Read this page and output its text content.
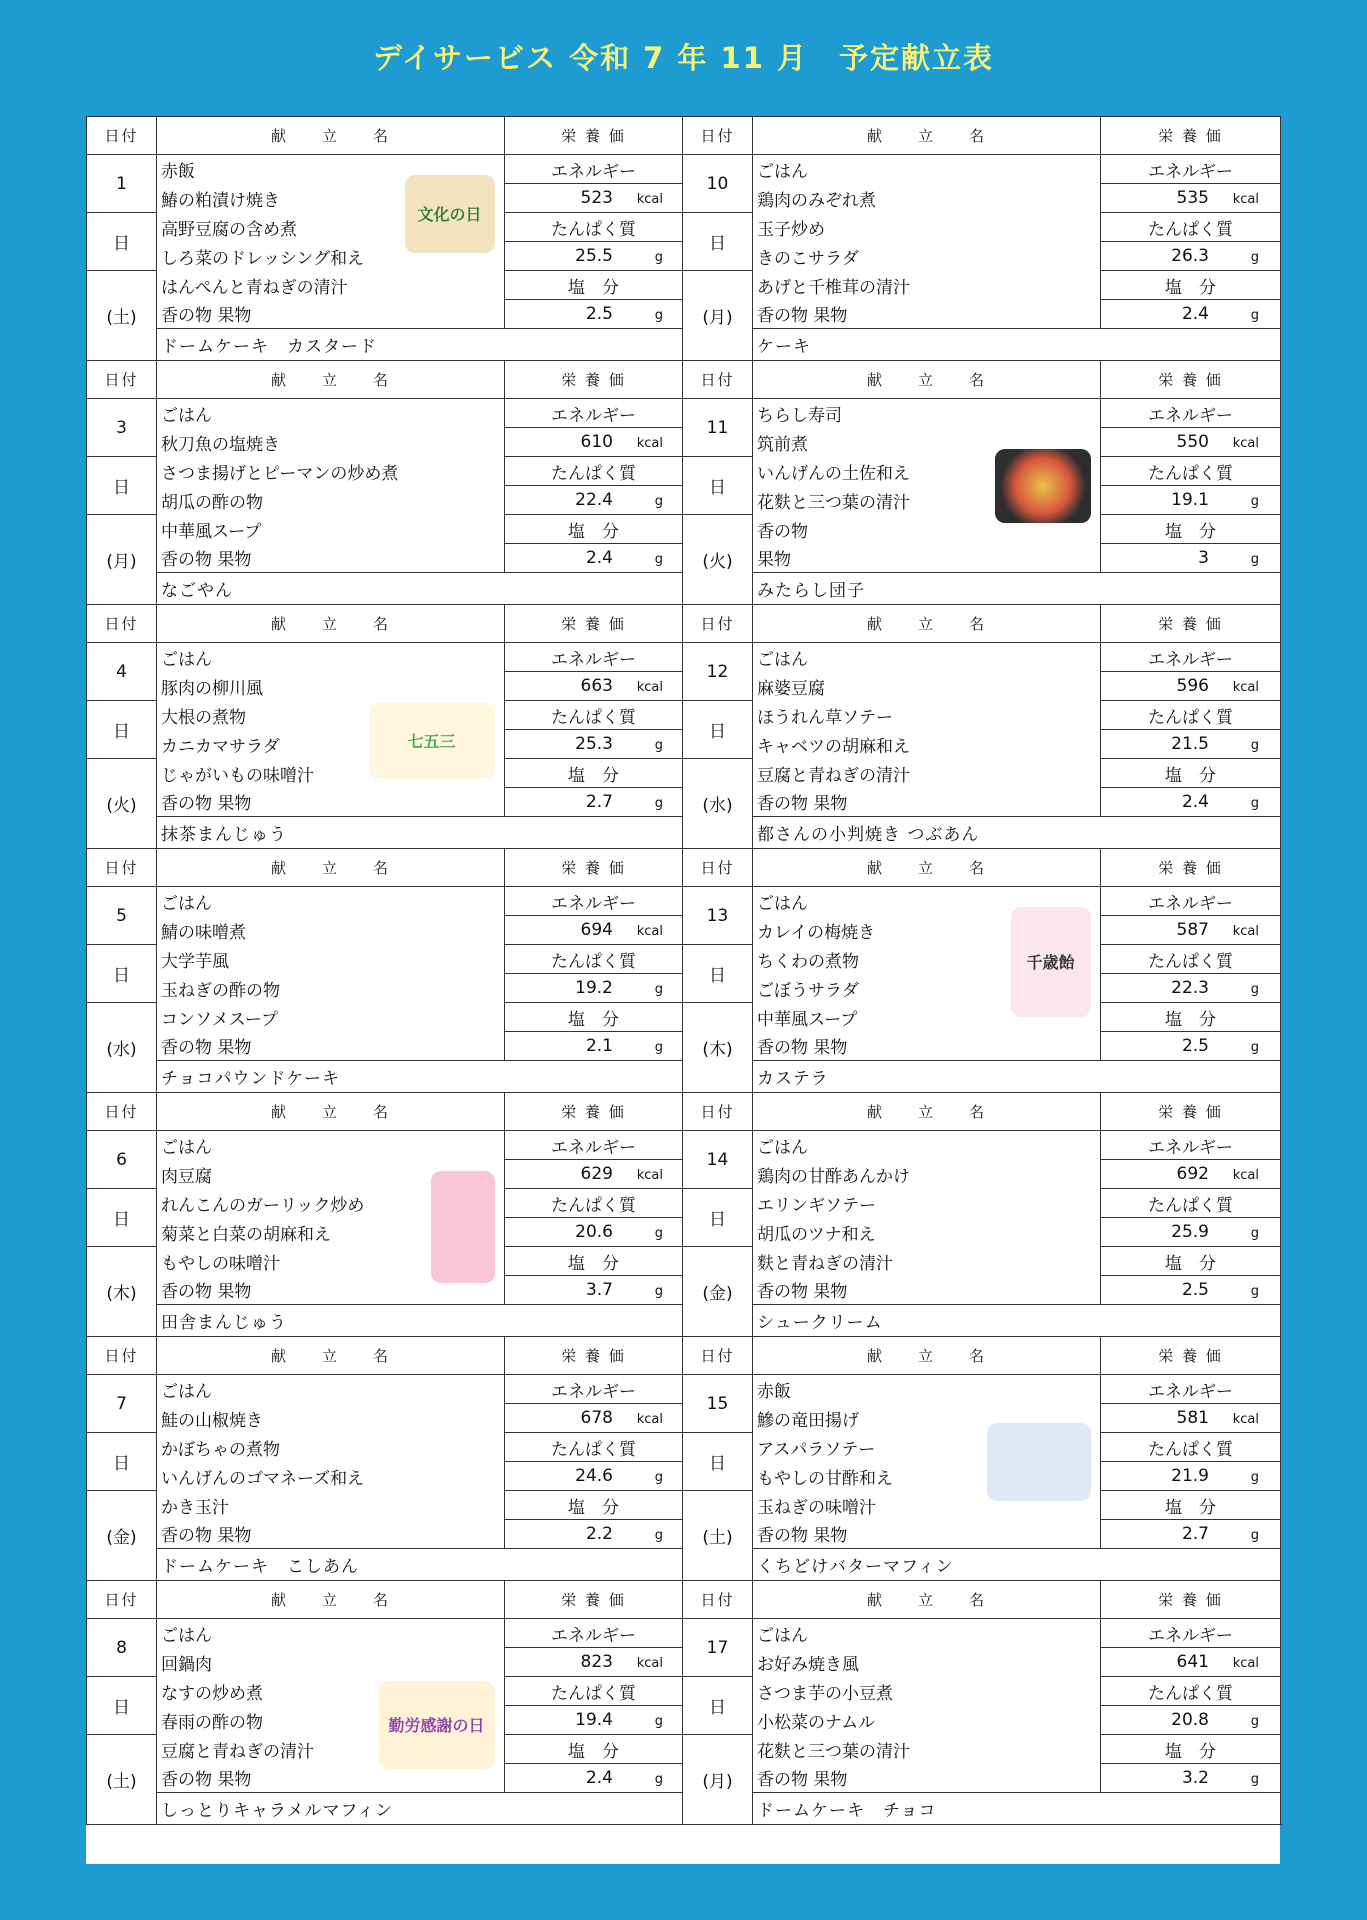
デイサービス 令和 7 年 11 月　予定献立表
日付	献　　立　　名	栄 養 価	日付	献　　立　　名	栄 養 価
1	赤飯	エネルギー	10	ごはん	エネルギー
	鰆の粕漬け焼き	523 kcal		鶏肉のみぞれ煮	535 kcal
日	高野豆腐の含め煮	たんぱく質	日	玉子炒め	たんぱく質
	しろ菜のドレッシング和え	25.5 g		きのこサラダ	26.3 g
(土)	はんぺんと青ねぎの清汁	塩　分	(月)	あげと千椎茸の清汁	塩　分
	香の物 果物	2.5 g		香の物 果物	2.4 g
	ドームケーキ　カスタード			ケーキ	
日付	献　　立　　名	栄 養 価	日付	献　　立　　名	栄 養 価
3	ごはん	エネルギー	11	ちらし寿司	エネルギー
	秋刀魚の塩焼き	610 kcal		筑前煮	550 kcal
日	さつま揚げとピーマンの炒め煮	たんぱく質	日	いんげんの土佐和え	たんぱく質
	胡瓜の酢の物	22.4 g		花麩と三つ葉の清汁	19.1 g
(月)	中華風スープ	塩　分	(火)	香の物	塩　分
	香の物 果物	2.4 g		果物	3 g
	なごやん			みたらし団子	
日付	献　　立　　名	栄 養 価	日付	献　　立　　名	栄 養 価
4	ごはん	エネルギー	12	ごはん	エネルギー
	豚肉の柳川風	663 kcal		麻婆豆腐	596 kcal
日	大根の煮物	たんぱく質	日	ほうれん草ソテー	たんぱく質
	カニカマサラダ	25.3 g		キャベツの胡麻和え	21.5 g
(火)	じゃがいもの味噌汁	塩　分	(水)	豆腐と青ねぎの清汁	塩　分
	香の物 果物	2.7 g		香の物 果物	2.4 g
	抹茶まんじゅう			都さんの小判焼き つぶあん	
日付	献　　立　　名	栄 養 価	日付	献　　立　　名	栄 養 価
5	ごはん	エネルギー	13	ごはん	エネルギー
	鯖の味噌煮	694 kcal		カレイの梅焼き	587 kcal
日	大学芋風	たんぱく質	日	ちくわの煮物	たんぱく質
	玉ねぎの酢の物	19.2 g		ごぼうサラダ	22.3 g
(水)	コンソメスープ	塩　分	(木)	中華風スープ	塩　分
	香の物 果物	2.1 g		香の物 果物	2.5 g
	チョコパウンドケーキ			カステラ	
日付	献　　立　　名	栄 養 価	日付	献　　立　　名	栄 養 価
6	ごはん	エネルギー	14	ごはん	エネルギー
	肉豆腐	629 kcal		鶏肉の甘酢あんかけ	692 kcal
日	れんこんのガーリック炒め	たんぱく質	日	エリンギソテー	たんぱく質
	菊菜と白菜の胡麻和え	20.6 g		胡瓜のツナ和え	25.9 g
(木)	もやしの味噌汁	塩　分	(金)	麩と青ねぎの清汁	塩　分
	香の物 果物	3.7 g		香の物 果物	2.5 g
	田舎まんじゅう			シュークリーム	
日付	献　　立　　名	栄 養 価	日付	献　　立　　名	栄 養 価
7	ごはん	エネルギー	15	赤飯	エネルギー
	鮭の山椒焼き	678 kcal		鰺の竜田揚げ	581 kcal
日	かぼちゃの煮物	たんぱく質	日	アスパラソテー	たんぱく質
	いんげんのゴマネーズ和え	24.6 g		もやしの甘酢和え	21.9 g
(金)	かき玉汁	塩　分	(土)	玉ねぎの味噌汁	塩　分
	香の物 果物	2.2 g		香の物 果物	2.7 g
	ドームケーキ　こしあん			くちどけバターマフィン	
日付	献　　立　　名	栄 養 価	日付	献　　立　　名	栄 養 価
8	ごはん	エネルギー	17	ごはん	エネルギー
	回鍋肉	823 kcal		お好み焼き風	641 kcal
日	なすの炒め煮	たんぱく質	日	さつま芋の小豆煮	たんぱく質
	春雨の酢の物	19.4 g		小松菜のナムル	20.8 g
(土)	豆腐と青ねぎの清汁	塩　分	(月)	花麩と三つ葉の清汁	塩　分
	香の物 果物	2.4 g		香の物 果物	3.2 g
	しっとりキャラメルマフィン			ドームケーキ　チョコ	
文化の日
七五三
千歳飴
勤労感謝の日
